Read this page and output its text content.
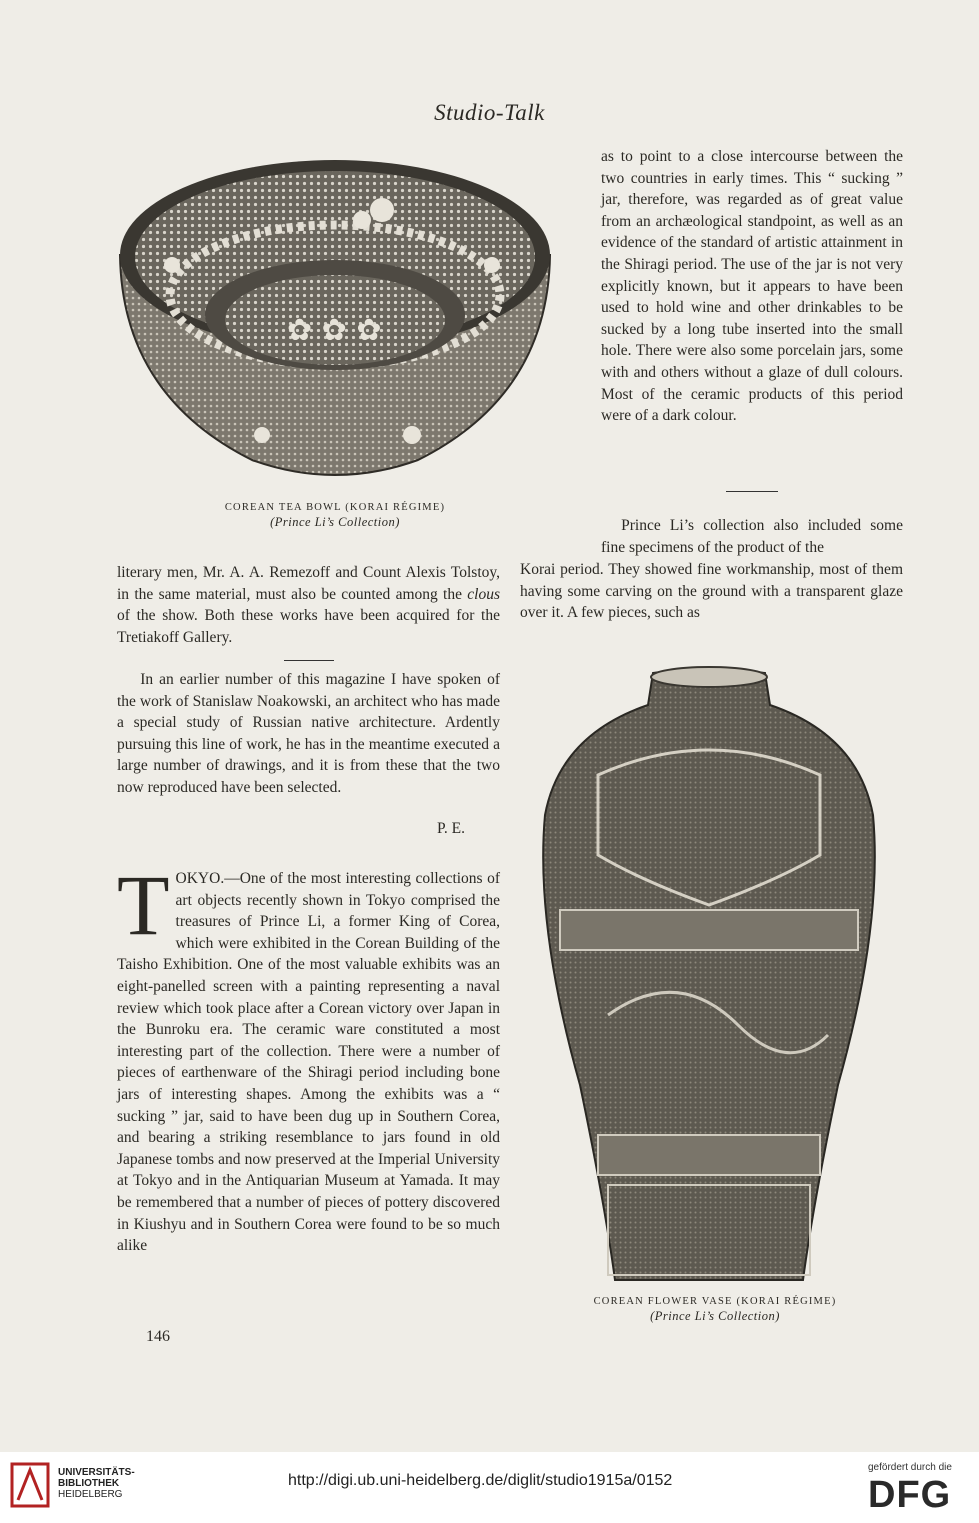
Studio-Talk
✿ ✿ ✿
COREAN TEA BOWL (KORAI RÉGIME)
(Prince Li’s Collection)

literary men, Mr. A. A. Remezoff and Count Alexis Tolstoy, in the same material, must also be counted among the clous of the show. Both these works have been acquired for the Tretiakoff Gallery.

In an earlier number of this magazine I have spoken of the work of Stanislaw Noakowski, an architect who has made a special study of Russian native architecture. Ardently pursuing this line of work, he has in the meantime executed a large number of drawings, and it is from these that the two now reproduced have been selected.

P. E.

TOKYO.—One of the most interesting collections of art objects recently shown in Tokyo comprised the treasures of Prince Li, a former King of Corea, which were exhibited in the Corean Building of the Taisho Exhibition. One of the most valuable exhibits was an eight-panelled screen with a painting representing a naval review which took place after a Corean victory over Japan in the Bunroku era. The ceramic ware constituted a most interesting part of the collection. There were a number of pieces of earthenware of the Shiragi period including bone jars of interesting shapes. Among the exhibits was a “ sucking ” jar, said to have been dug up in Southern Corea, and bearing a striking resemblance to jars found in old Japanese tombs and now preserved at the Imperial University at Tokyo and in the Antiquarian Museum at Yamada. It may be remembered that a number of pieces of pottery discovered in Kiushyu and in Southern Corea were found to be so much alike

146

as to point to a close intercourse between the two countries in early times. This “ sucking ” jar, therefore, was regarded as of great value from an archæological standpoint, as well as an evidence of the standard of artistic attainment in the Shiragi period. The use of the jar is not very explicitly known, but it appears to have been used to hold wine and other drinkables to be sucked by a long tube inserted into the small hole. There were also some porcelain jars, some with and others without a glaze of dull colours. Most of the ceramic products of this period were of a dark colour.

Prince Li’s collection also included some fine specimens of the product of the

Korai period. They showed fine workmanship, most of them having some carving on the ground with a transparent glaze over it. A few pieces, such as

COREAN FLOWER VASE (KORAI RÉGIME)
(Prince Li’s Collection)
UNIVERSITÄTS-
BIBLIOTHEK
HEIDELBERG
http://digi.ub.uni-heidelberg.de/diglit/studio1915a/0152
gefördert durch die
DFG
